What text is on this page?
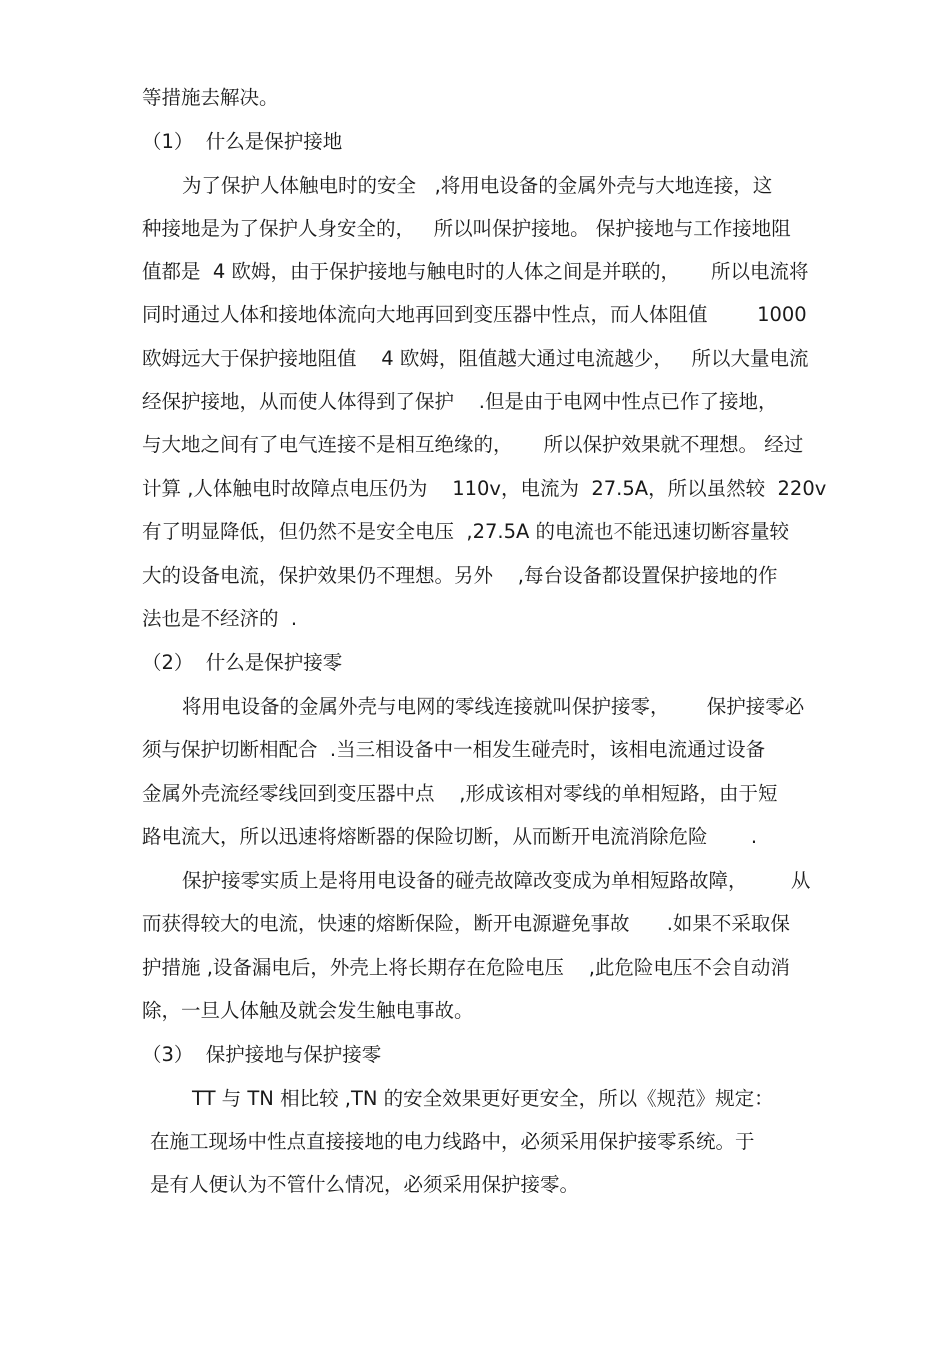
等措施去解决。
（1）  什么是保护接地
为了保护人体触电时的安全   ,将用电设备的金属外壳与大地连接，这
种接地是为了保护人身安全的，   所以叫保护接地。 保护接地与工作接地阻
值都是  4 欧姆，由于保护接地与触电时的人体之间是并联的，     所以电流将
同时通过人体和接地体流向大地再回到变压器中性点，而人体阻值        1000
欧姆远大于保护接地阻值    4 欧姆，阻值越大通过电流越少，   所以大量电流
经保护接地，从而使人体得到了保护    .但是由于电网中性点已作了接地，
与大地之间有了电气连接不是相互绝缘的，     所以保护效果就不理想。 经过
计算 ,人体触电时故障点电压仍为    110v，电流为  27.5A，所以虽然较  220v
有了明显降低，但仍然不是安全电压  ,27.5A 的电流也不能迅速切断容量较
大的设备电流，保护效果仍不理想。另外    ,每台设备都设置保护接地的作
法也是不经济的  .
（2）  什么是保护接零
将用电设备的金属外壳与电网的零线连接就叫保护接零，      保护接零必
须与保护切断相配合  .当三相设备中一相发生碰壳时，该相电流通过设备
金属外壳流经零线回到变压器中点    ,形成该相对零线的单相短路，由于短
路电流大，所以迅速将熔断器的保险切断，从而断开电流消除危险       .
保护接零实质上是将用电设备的碰壳故障改变成为单相短路故障，       从
而获得较大的电流，快速的熔断保险，断开电源避免事故      .如果不采取保
护措施 ,设备漏电后，外壳上将长期存在危险电压    ,此危险电压不会自动消
除，一旦人体触及就会发生触电事故。
（3）  保护接地与保护接零
TT 与 TN 相比较 ,TN 的安全效果更好更安全，所以《规范》规定：
在施工现场中性点直接接地的电力线路中，必须采用保护接零系统。于
是有人便认为不管什么情况，必须采用保护接零。
